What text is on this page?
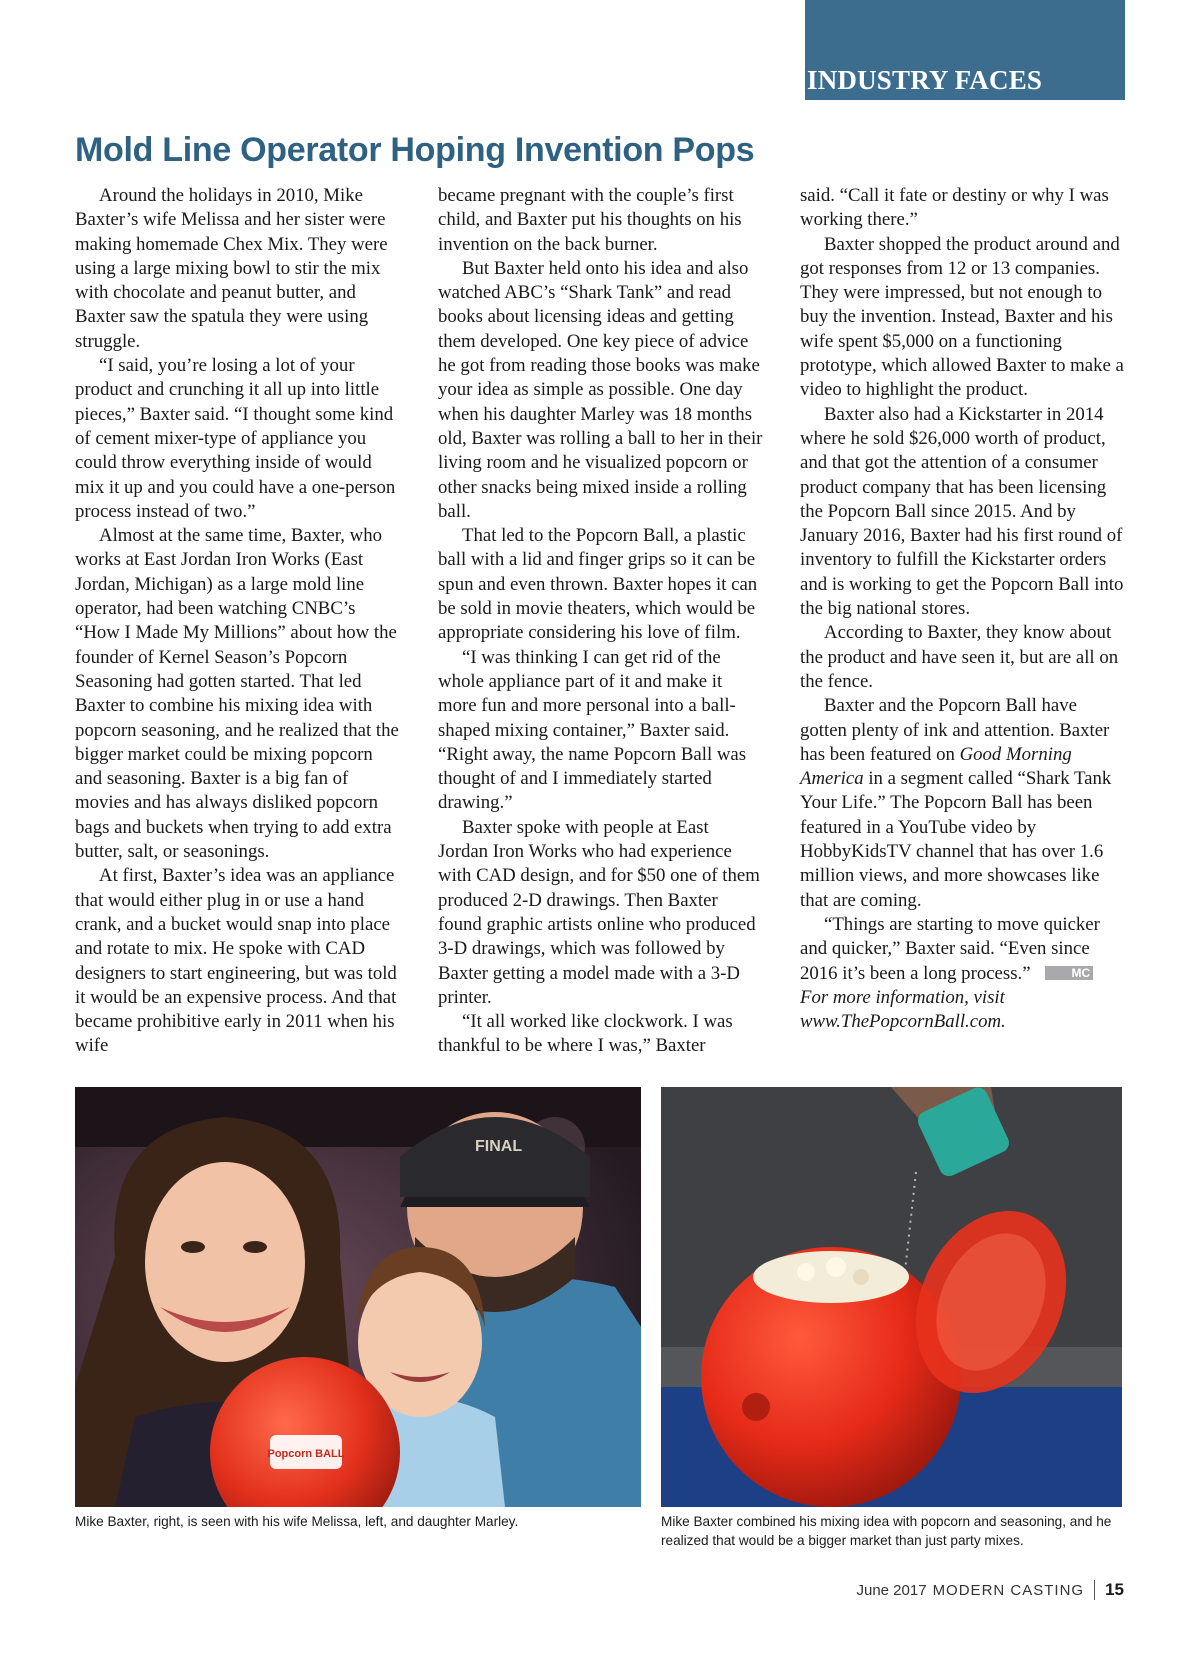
INDUSTRY FACES
Mold Line Operator Hoping Invention Pops

Around the holidays in 2010, Mike Baxter’s wife Melissa and her sister were making homemade Chex Mix. They were using a large mixing bowl to stir the mix with chocolate and peanut butter, and Baxter saw the spatula they were using struggle.

“I said, you’re losing a lot of your product and crunching it all up into little pieces,” Baxter said. “I thought some kind of cement mixer-type of appliance you could throw everything inside of would mix it up and you could have a one-person process instead of two.”

Almost at the same time, Baxter, who works at East Jordan Iron Works (East Jordan, Michigan) as a large mold line operator, had been watching CNBC’s “How I Made My Millions” about how the founder of Kernel Season’s Popcorn Seasoning had gotten started. That led Baxter to combine his mixing idea with popcorn seasoning, and he realized that the bigger market could be mixing popcorn and seasoning. Baxter is a big fan of movies and has always disliked popcorn bags and buckets when trying to add extra butter, salt, or seasonings.

At first, Baxter’s idea was an appliance that would either plug in or use a hand crank, and a bucket would snap into place and rotate to mix. He spoke with CAD designers to start engineering, but was told it would be an expensive process. And that became prohibitive early in 2011 when his wife

became pregnant with the couple’s first child, and Baxter put his thoughts on his invention on the back burner.

But Baxter held onto his idea and also watched ABC’s “Shark Tank” and read books about licensing ideas and getting them developed. One key piece of advice he got from reading those books was make your idea as simple as possible. One day when his daughter Marley was 18 months old, Baxter was rolling a ball to her in their living room and he visualized popcorn or other snacks being mixed inside a rolling ball.

That led to the Popcorn Ball, a plastic ball with a lid and finger grips so it can be spun and even thrown. Baxter hopes it can be sold in movie theaters, which would be appropriate considering his love of film.

“I was thinking I can get rid of the whole appliance part of it and make it more fun and more personal into a ball-shaped mixing container,” Baxter said. “Right away, the name Popcorn Ball was thought of and I immediately started drawing.”

Baxter spoke with people at East Jordan Iron Works who had experience with CAD design, and for $50 one of them produced 2-D drawings. Then Baxter found graphic artists online who produced 3-D drawings, which was followed by Baxter getting a model made with a 3-D printer.

“It all worked like clockwork. I was thankful to be where I was,” Baxter

said. “Call it fate or destiny or why I was working there.”

Baxter shopped the product around and got responses from 12 or 13 companies. They were impressed, but not enough to buy the invention. Instead, Baxter and his wife spent $5,000 on a functioning prototype, which allowed Baxter to make a video to highlight the product.

Baxter also had a Kickstarter in 2014 where he sold $26,000 worth of product, and that got the attention of a consumer product company that has been licensing the Popcorn Ball since 2015. And by January 2016, Baxter had his first round of inventory to fulfill the Kickstarter orders and is working to get the Popcorn Ball into the big national stores.

According to Baxter, they know about the product and have seen it, but are all on the fence.

Baxter and the Popcorn Ball have gotten plenty of ink and attention. Baxter has been featured on Good Morning America in a segment called “Shark Tank Your Life.” The Popcorn Ball has been featured in a YouTube video by HobbyKidsTV channel that has over 1.6 million views, and more showcases like that are coming.

“Things are starting to move quicker and quicker,” Baxter said. “Even since 2016 it’s been a long process.”	MC

For more information, visit www.ThePopcornBall.com.

FINAL
Popcorn BALL

Mike Baxter, right, is seen with his wife Melissa, left, and daughter Marley.	Mike Baxter combined his mixing idea with popcorn and seasoning, and he realized that would be a bigger market than just party mixes.

June 2017 MODERN CASTING 15
